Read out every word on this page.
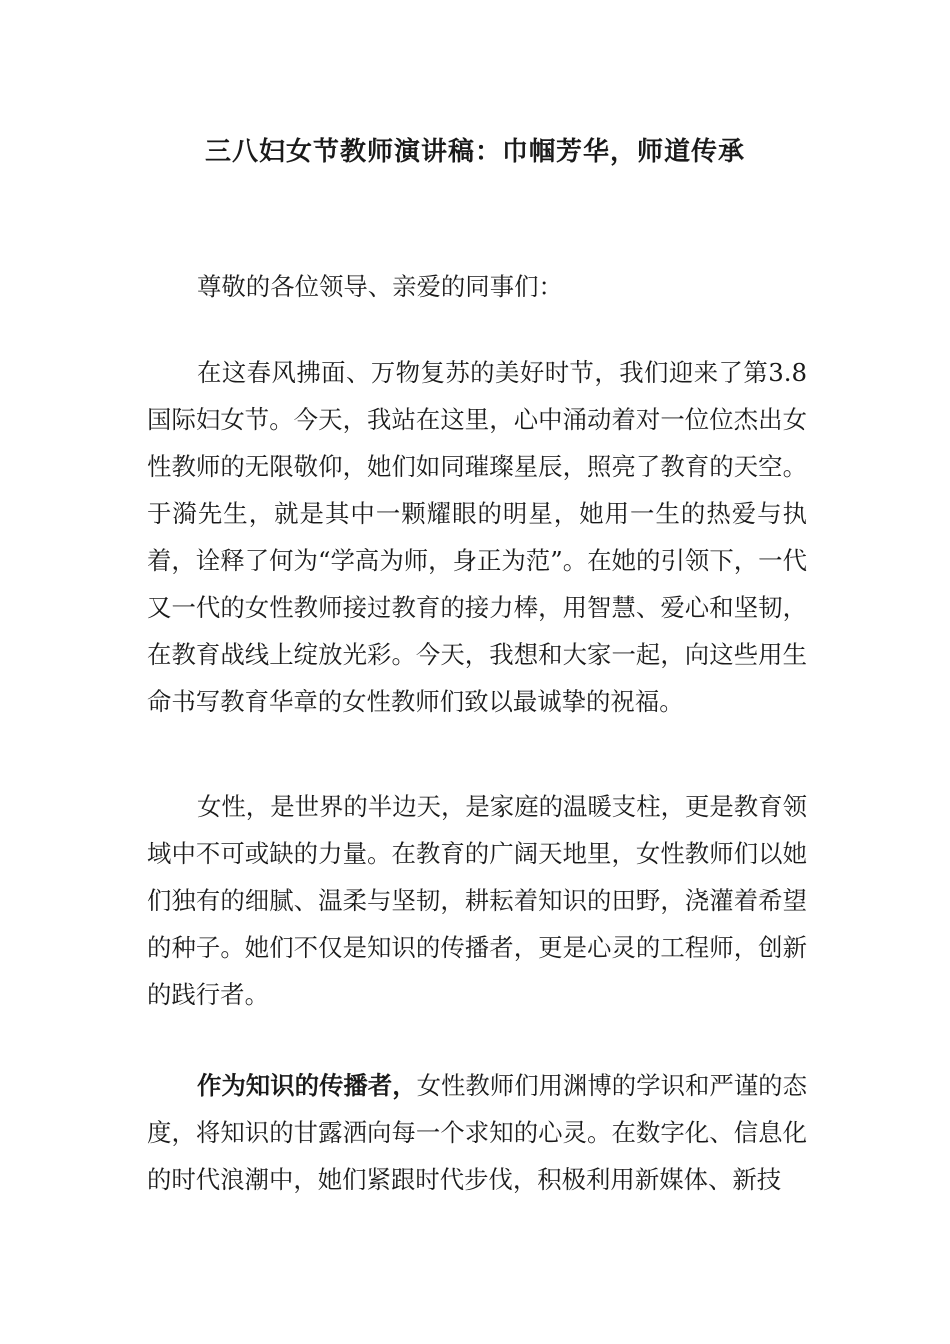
三八妇女节教师演讲稿：巾帼芳华，师道传承
尊敬的各位领导、亲爱的同事们：
在这春风拂面、万物复苏的美好时节，我们迎来了第3.8国际妇女节。今天，我站在这里，心中涌动着对一位位杰出女性教师的无限敬仰，她们如同璀璨星辰，照亮了教育的天空。于漪先生，就是其中一颗耀眼的明星，她用一生的热爱与执着，诠释了何为“学高为师，身正为范”。在她的引领下，一代又一代的女性教师接过教育的接力棒，用智慧、爱心和坚韧，在教育战线上绽放光彩。今天，我想和大家一起，向这些用生命书写教育华章的女性教师们致以最诚挚的祝福。
女性，是世界的半边天，是家庭的温暖支柱，更是教育领域中不可或缺的力量。在教育的广阔天地里，女性教师们以她们独有的细腻、温柔与坚韧，耕耘着知识的田野，浇灌着希望的种子。她们不仅是知识的传播者，更是心灵的工程师，创新的践行者。
作为知识的传播者，女性教师们用渊博的学识和严谨的态度，将知识的甘露洒向每一个求知的心灵。在数字化、信息化的时代浪潮中，她们紧跟时代步伐，积极利用新媒体、新技
